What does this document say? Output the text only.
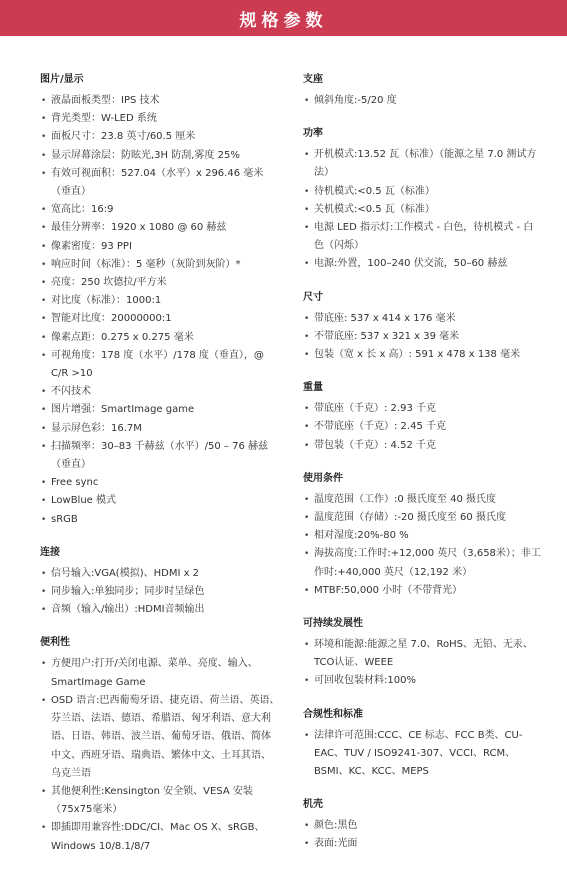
规格参数
图片/显示
• 液晶面板类型：IPS 技术
• 背光类型：W-LED 系统
• 面板尺寸：23.8 英寸/60.5 厘米
• 显示屏幕涂层：防眩光,3H 防刮,雾度 25%
• 有效可视面积：527.04（水平）x 296.46 毫米（垂直）
• 宽高比：16:9
• 最佳分辨率：1920 x 1080 @ 60 赫兹
• 像素密度：93 PPI
• 响应时间（标准）：5 毫秒（灰阶到灰阶）*
• 亮度：250 坎德拉/平方米
• 对比度（标准）：1000:1
• 智能对比度：20000000:1
• 像素点距：0.275 x 0.275 毫米
• 可视角度：178 度（水平）/178 度（垂直），@ C/R >10
• 不闪技术
• 图片增强：SmartImage game
• 显示屏色彩：16.7M
• 扫描频率：30–83 千赫兹（水平）/50 – 76 赫兹（垂直）
• Free sync
• LowBlue 模式
• sRGB
连接
• 信号输入:VGA(模拟)、HDMI x 2
• 同步输入:单独同步；同步时呈绿色
• 音频（输入/输出）:HDMI音频输出
便利性
• 方便用户:打开/关闭电源、菜单、亮度、输入、SmartImage Game
• OSD 语言:巴西葡萄牙语、捷克语、荷兰语、英语、芬兰语、法语、德语、希腊语、匈牙利语、意大利语、日语、韩语、波兰语、葡萄牙语、俄语、简体中文、西班牙语、瑞典语、繁体中文、土耳其语、乌克兰语
• 其他便利性:Kensington 安全锁、VESA 安装（75x75毫米）
• 即插即用兼容性:DDC/CI、Mac OS X、sRGB、Windows 10/8.1/8/7
支座
• 倾斜角度:-5/20 度
功率
• 开机模式:13.52 瓦（标准）（能源之星 7.0 测试方法）
• 待机模式:<0.5 瓦（标准）
• 关机模式:<0.5 瓦（标准）
• 电源 LED 指示灯:工作模式 - 白色，待机模式 - 白色（闪烁）
• 电源:外置，100–240 伏交流，50–60 赫兹
尺寸
• 带底座: 537 x 414 x 176 毫米
• 不带底座: 537 x 321 x 39 毫米
• 包装（宽 x 长 x 高）: 591 x 478 x 138 毫米
重量
• 带底座（千克）: 2.93 千克
• 不带底座（千克）: 2.45 千克
• 带包装（千克）: 4.52 千克
使用条件
• 温度范围（工作）:0 摄氏度至 40 摄氏度
• 温度范围（存储）:-20 摄氏度至 60 摄氏度
• 相对湿度:20%-80 %
• 海拔高度:工作时:+12,000 英尺（3,658米）；非工作时:+40,000 英尺（12,192 米）
• MTBF:50,000 小时（不带背光）
可持续发展性
• 环境和能源:能源之星 7.0、RoHS、无铅、无汞、TCO认证、WEEE
• 可回收包装材料:100%
合规性和标准
• 法律许可范围:CCC、CE 标志、FCC B类、CU-EAC、TUV / ISO9241-307、VCCI、RCM、BSMI、KC、KCC、MEPS
机壳
• 颜色:黑色
• 表面:光面
